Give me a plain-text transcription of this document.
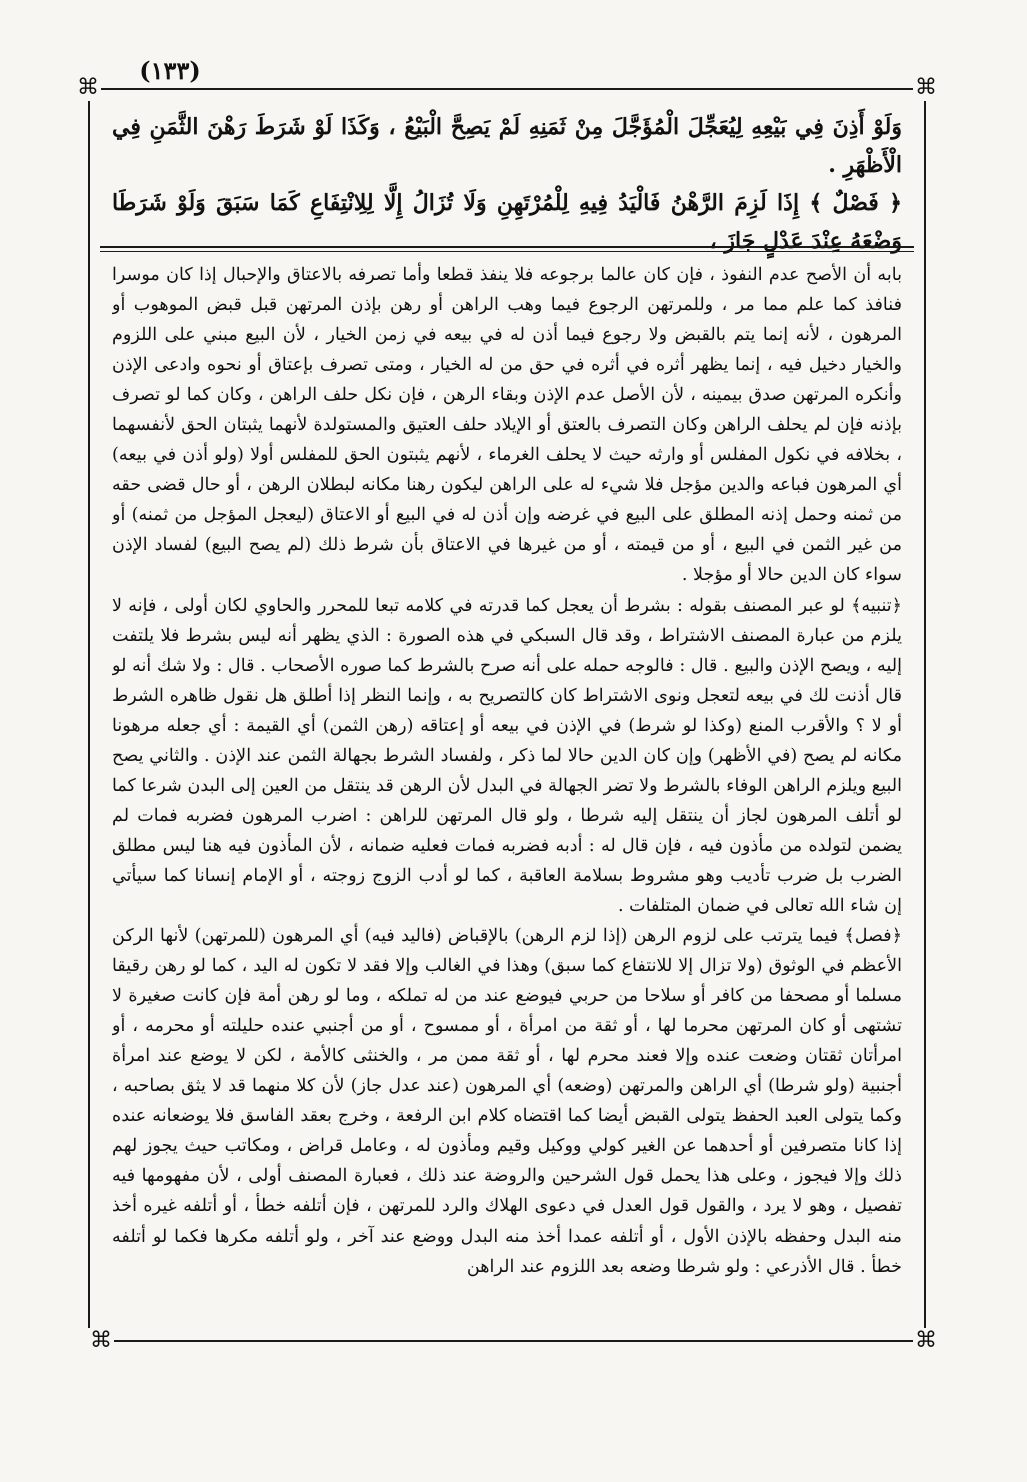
(١٣٣)
⌘	⌘
⌘	⌘

وَلَوْ أَذِنَ فِي بَيْعِهِ لِيُعَجِّلَ الْمُؤَجَّلَ مِنْ ثَمَنِهِ لَمْ يَصِحَّ الْبَيْعُ ، وَكَذَا لَوْ شَرَطَ رَهْنَ الثَّمَنِ فِي الْأَظْهَرِ .

﴿ فَصْلٌ ﴾ إِذَا لَزِمَ الرَّهْنُ فَالْيَدُ فِيهِ لِلْمُرْتَهِنِ وَلَا تُزَالُ إِلَّا لِلِانْتِفَاعِ كَمَا سَبَقَ وَلَوْ شَرَطَا وَضْعَهُ عِنْدَ عَدْلٍ جَازَ ،

بابه أن الأصح عدم النفوذ ، فإن كان عالما برجوعه فلا ينفذ قطعا وأما تصرفه بالاعتاق والإحبال إذا كان موسرا فنافذ كما علم مما مر ، وللمرتهن الرجوع فيما وهب الراهن أو رهن بإذن المرتهن قبل قبض الموهوب أو المرهون ، لأنه إنما يتم بالقبض ولا رجوع فيما أذن له في بيعه في زمن الخيار ، لأن البيع مبني على اللزوم والخيار دخيل فيه ، إنما يظهر أثره في أثره في حق من له الخيار ، ومتى تصرف بإعتاق أو نحوه وادعى الإذن وأنكره المرتهن صدق بيمينه ، لأن الأصل عدم الإذن وبقاء الرهن ، فإن نكل حلف الراهن ، وكان كما لو تصرف بإذنه فإن لم يحلف الراهن وكان التصرف بالعتق أو الإيلاد حلف العتيق والمستولدة لأنهما يثبتان الحق لأنفسهما ، بخلافه في نكول المفلس أو وارثه حيث لا يحلف الغرماء ، لأنهم يثبتون الحق للمفلس أولا (ولو أذن في بيعه) أي المرهون فباعه والدين مؤجل فلا شيء له على الراهن ليكون رهنا مكانه لبطلان الرهن ، أو حال قضى حقه من ثمنه وحمل إذنه المطلق على البيع في غرضه وإن أذن له في البيع أو الاعتاق (ليعجل المؤجل من ثمنه) أو من غير الثمن في البيع ، أو من قيمته ، أو من غيرها في الاعتاق بأن شرط ذلك (لم يصح البيع) لفساد الإذن سواء كان الدين حالا أو مؤجلا .

﴿تنبيه﴾ لو عبر المصنف بقوله : بشرط أن يعجل كما قدرته في كلامه تبعا للمحرر والحاوي لكان أولى ، فإنه لا يلزم من عبارة المصنف الاشتراط ، وقد قال السبكي في هذه الصورة : الذي يظهر أنه ليس بشرط فلا يلتفت إليه ، ويصح الإذن والبيع . قال : فالوجه حمله على أنه صرح بالشرط كما صوره الأصحاب . قال : ولا شك أنه لو قال أذنت لك في بيعه لتعجل ونوى الاشتراط كان كالتصريح به ، وإنما النظر إذا أطلق هل نقول ظاهره الشرط أو لا ؟ والأقرب المنع (وكذا لو شرط) في الإذن في بيعه أو إعتاقه (رهن الثمن) أي القيمة : أي جعله مرهونا مكانه لم يصح (في الأظهر) وإن كان الدين حالا لما ذكر ، ولفساد الشرط بجهالة الثمن عند الإذن . والثاني يصح البيع ويلزم الراهن الوفاء بالشرط ولا تضر الجهالة في البدل لأن الرهن قد ينتقل من العين إلى البدن شرعا كما لو أتلف المرهون لجاز أن ينتقل إليه شرطا ، ولو قال المرتهن للراهن : اضرب المرهون فضربه فمات لم يضمن لتولده من مأذون فيه ، فإن قال له : أدبه فضربه فمات فعليه ضمانه ، لأن المأذون فيه هنا ليس مطلق الضرب بل ضرب تأديب وهو مشروط بسلامة العاقبة ، كما لو أدب الزوج زوجته ، أو الإمام إنسانا كما سيأتي إن شاء الله تعالى في ضمان المتلفات .

﴿فصل﴾ فيما يترتب على لزوم الرهن (إذا لزم الرهن) بالإقباض (فاليد فيه) أي المرهون (للمرتهن) لأنها الركن الأعظم في الوثوق (ولا تزال إلا للانتفاع كما سبق) وهذا في الغالب وإلا فقد لا تكون له اليد ، كما لو رهن رقيقا مسلما أو مصحفا من كافر أو سلاحا من حربي فيوضع عند من له تملكه ، وما لو رهن أمة فإن كانت صغيرة لا تشتهى أو كان المرتهن محرما لها ، أو ثقة من امرأة ، أو ممسوح ، أو من أجنبي عنده حليلته أو محرمه ، أو امرأتان ثقتان وضعت عنده وإلا فعند محرم لها ، أو ثقة ممن مر ، والخنثى كالأمة ، لكن لا يوضع عند امرأة أجنبية (ولو شرطا) أي الراهن والمرتهن (وضعه) أي المرهون (عند عدل جاز) لأن كلا منهما قد لا يثق بصاحبه ، وكما يتولى العبد الحفظ يتولى القبض أيضا كما اقتضاه كلام ابن الرفعة ، وخرج بعقد الفاسق فلا يوضعانه عنده إذا كانا متصرفين أو أحدهما عن الغير كولي ووكيل وقيم ومأذون له ، وعامل قراض ، ومكاتب حيث يجوز لهم ذلك وإلا فيجوز ، وعلى هذا يحمل قول الشرحين والروضة عند ذلك ، فعبارة المصنف أولى ، لأن مفهومها فيه تفصيل ، وهو لا يرد ، والقول قول العدل في دعوى الهلاك والرد للمرتهن ، فإن أتلفه خطأ ، أو أتلفه غيره أخذ منه البدل وحفظه بالإذن الأول ، أو أتلفه عمدا أخذ منه البدل ووضع عند آخر ، ولو أتلفه مكرها فكما لو أتلفه خطأ . قال الأذرعي : ولو شرطا وضعه بعد اللزوم عند الراهن
